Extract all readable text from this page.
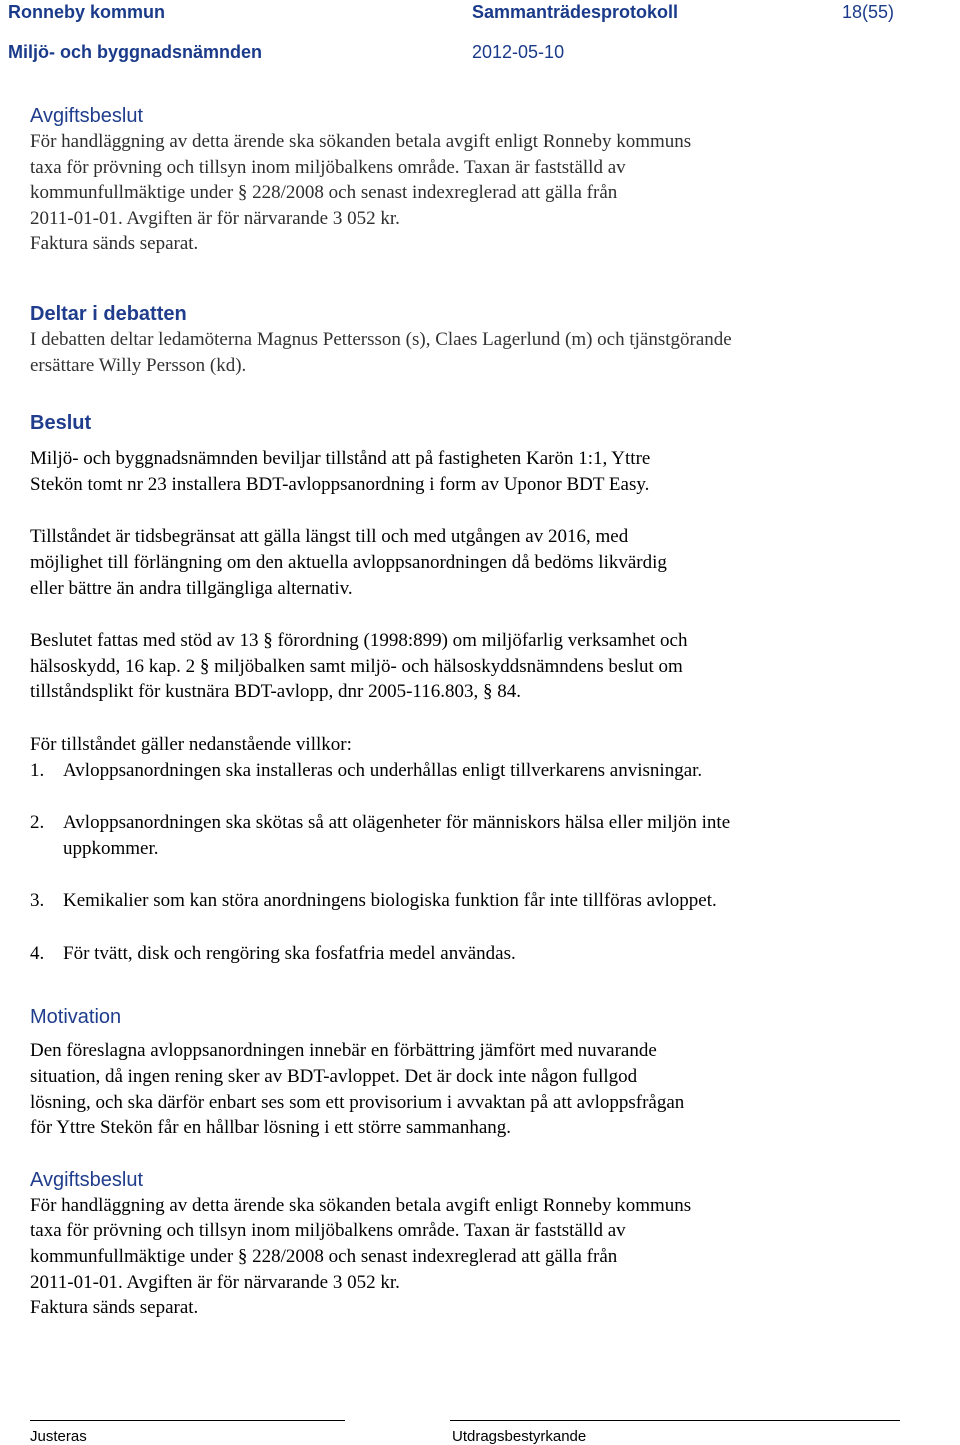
Ronneby kommun	Sammanträdesprotokoll	18(55)
Miljö- och byggnadsnämnden	2012-05-10
Avgiftsbeslut
För handläggning av detta ärende ska sökanden betala avgift enligt Ronneby kommuns
taxa för prövning och tillsyn inom miljöbalkens område. Taxan är fastställd av
kommunfullmäktige under § 228/2008 och senast indexreglerad att gälla från
2011-01-01. Avgiften är för närvarande 3 052 kr.
Faktura sänds separat.
Deltar i debatten
I debatten deltar ledamöterna Magnus Pettersson (s), Claes Lagerlund (m) och tjänstgörande
ersättare Willy Persson (kd).
Beslut
Miljö- och byggnadsnämnden beviljar tillstånd att på fastigheten Karön 1:1, Yttre
Stekön tomt nr 23 installera BDT-avloppsanordning i form av Uponor BDT Easy.
Tillståndet är tidsbegränsat att gälla längst till och med utgången av 2016, med
möjlighet till förlängning om den aktuella avloppsanordningen då bedöms likvärdig
eller bättre än andra tillgängliga alternativ.
Beslutet fattas med stöd av 13 § förordning (1998:899) om miljöfarlig verksamhet och
hälsoskydd, 16 kap. 2 § miljöbalken samt miljö- och hälsoskyddsnämndens beslut om
tillståndsplikt för kustnära BDT-avlopp, dnr 2005-116.803, § 84.
För tillståndet gäller nedanstående villkor:
1. Avloppsanordningen ska installeras och underhållas enligt tillverkarens anvisningar.
2. Avloppsanordningen ska skötas så att olägenheter för människors hälsa eller miljön inte
uppkommer.
3. Kemikalier som kan störa anordningens biologiska funktion får inte tillföras avloppet.
4. För tvätt, disk och rengöring ska fosfatfria medel användas.
Motivation
Den föreslagna avloppsanordningen innebär en förbättring jämfört med nuvarande
situation, då ingen rening sker av BDT-avloppet. Det är dock inte någon fullgod
lösning, och ska därför enbart ses som ett provisorium i avvaktan på att avloppsfrågan
för Yttre Stekön får en hållbar lösning i ett större sammanhang.
Avgiftsbeslut
För handläggning av detta ärende ska sökanden betala avgift enligt Ronneby kommuns
taxa för prövning och tillsyn inom miljöbalkens område. Taxan är fastställd av
kommunfullmäktige under § 228/2008 och senast indexreglerad att gälla från
2011-01-01. Avgiften är för närvarande 3 052 kr.
Faktura sänds separat.
Justeras	Utdragsbestyrkande
